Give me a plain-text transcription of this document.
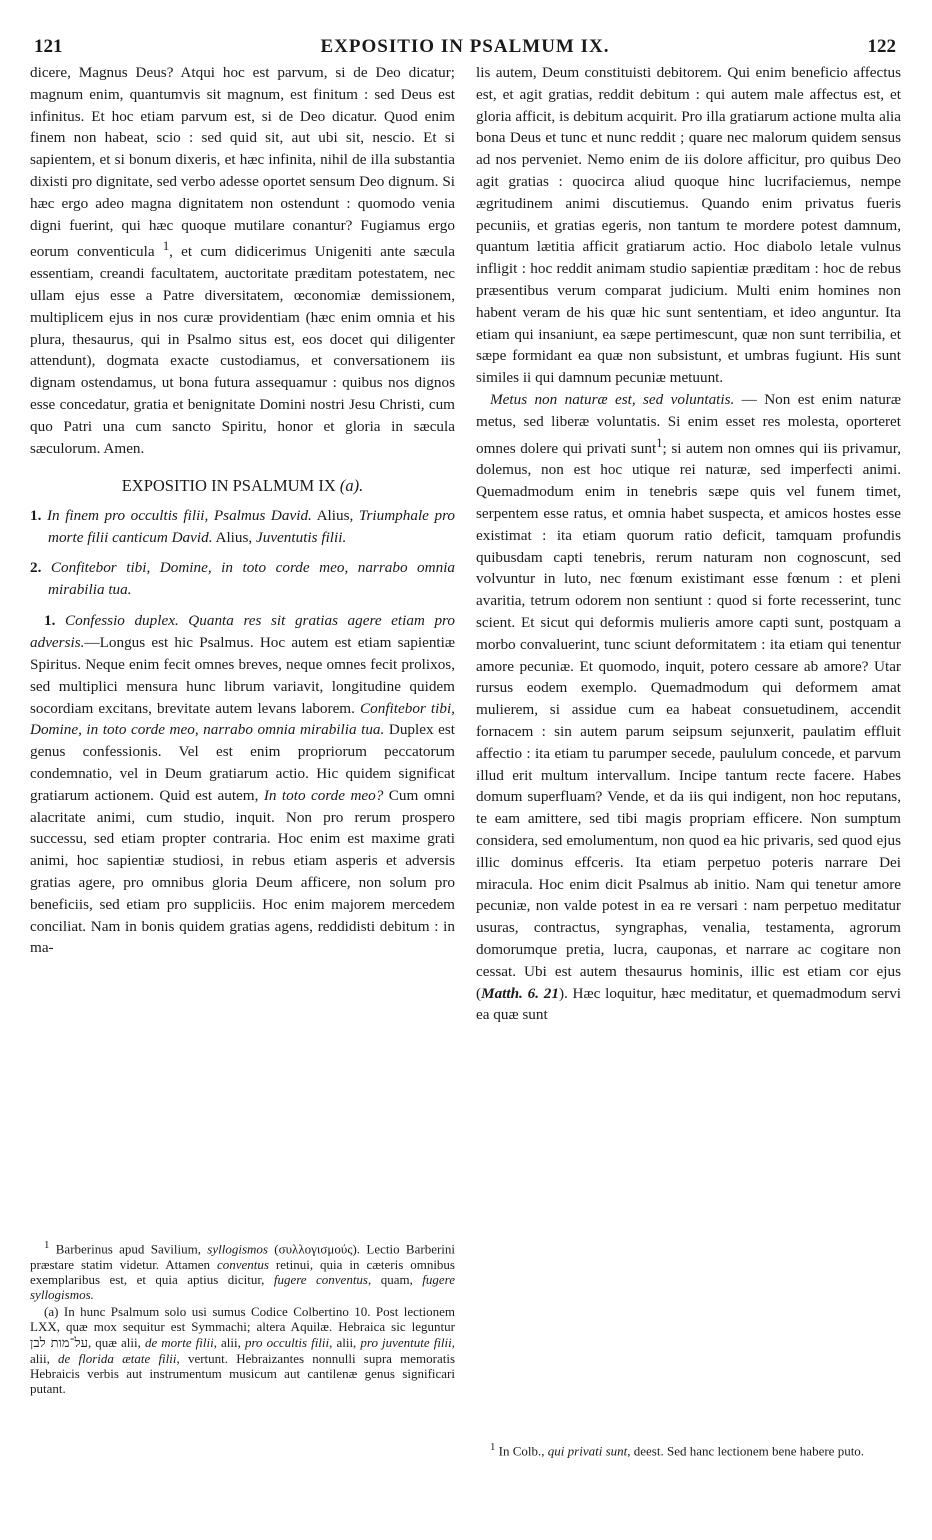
121	EXPOSITIO IN PSALMUM IX.	122

dicere, Magnus Deus? Atqui hoc est parvum, si de Deo dicatur; magnum enim, quantumvis sit magnum, est finitum : sed Deus est infinitus. Et hoc etiam parvum est, si de Deo dicatur. Quod enim finem non habeat, scio : sed quid sit, aut ubi sit, nescio. Et si sapientem, et si bonum dixeris, et hæc infinita, nihil de illa substantia dixisti pro dignitate, sed verbo adesse oportet sensum Deo dignum. Si hæc ergo adeo magna dignitatem non ostendunt : quomodo venia digni fuerint, qui hæc quoque mutilare conantur? Fugiamus ergo eorum conventicula $^1$, et cum didicerimus Unigeniti ante sæcula essentiam, creandi facultatem, auctoritate præditam potestatem, nec ullam ejus esse a Patre diversitatem, œconomiæ demissionem, multiplicem ejus in nos curæ providentiam (hæc enim omnia et his plura, thesaurus, qui in Psalmo situs est, eos docet qui diligenter attendunt), dogmata exacte custodiamus, et conversationem iis dignam ostendamus, ut bona futura assequamur : quibus nos dignos esse concedatur, gratia et benignitate Domini nostri Jesu Christi, cum quo Patri una cum sancto Spiritu, honor et gloria in sæcula sæculorum. Amen.

EXPOSITIO IN PSALMUM IX (a).

1. In finem pro occultis filii, Psalmus David. Alius, Triumphale pro morte filii canticum David. Alius, Juventutis filii.

2. Confitebor tibi, Domine, in toto corde meo, narrabo omnia mirabilia tua.

1. Confessio duplex. Quanta res sit gratias agere etiam pro adversis.—Longus est hic Psalmus. Hoc autem est etiam sapientiæ Spiritus. Neque enim fecit omnes breves, neque omnes fecit prolixos, sed multiplici mensura hunc librum variavit, longitudine quidem socordiam excitans, brevitate autem levans laborem. Confitebor tibi, Domine, in toto corde meo, narrabo omnia mirabilia tua. Duplex est genus confessionis. Vel est enim propriorum peccatorum condemnatio, vel in Deum gratiarum actio. Hic quidem significat gratiarum actionem. Quid est autem, In toto corde meo? Cum omni alacritate animi, cum studio, inquit. Non pro rerum prospero successu, sed etiam propter contraria. Hoc enim est maxime grati animi, hoc sapientiæ studiosi, in rebus etiam asperis et adversis gratias agere, pro omnibus gloria Deum afficere, non solum pro beneficiis, sed etiam pro suppliciis. Hoc enim majorem mercedem conciliat. Nam in bonis quidem gratias agens, reddidisti debitum : in ma-

$^1$ Barberinus apud Savilium, syllogismos (συλλογισμούς). Lectio Barberini præstare statim videtur. Attamen conventus retinui, quia in cæteris omnibus exemplaribus est, et quia aptius dicitur, fugere conventus, quam, fugere syllogismos.

(a) In hunc Psalmum solo usi sumus Codice Colbertino 10. Post lectionem LXX, quæ mox sequitur est Symmachi; altera Aquilæ. Hebraica sic leguntur על־מות לבן, quæ alii, de morte filii, alii, pro occultis filii, alii, pro juventute filii, alii, de florida ætate filii, vertunt. Hebraizantes nonnulli supra memoratis Hebraicis verbis aut instrumentum musicum aut cantilenæ genus significari putant.

lis autem, Deum constituisti debitorem. Qui enim beneficio affectus est, et agit gratias, reddit debitum : qui autem male affectus est, et gloria afficit, is debitum acquirit. Pro illa gratiarum actione multa alia bona Deus et tunc et nunc reddit ; quare nec malorum quidem sensus ad nos perveniet. Nemo enim de iis dolore afficitur, pro quibus Deo agit gratias : quocirca aliud quoque hinc lucrifaciemus, nempe ægritudinem animi discutiemus. Quando enim privatus fueris pecuniis, et gratias egeris, non tantum te mordere potest damnum, quantum lætitia afficit gratiarum actio. Hoc diabolo letale vulnus infligit : hoc reddit animam studio sapientiæ præditam : hoc de rebus præsentibus verum comparat judicium. Multi enim homines non habent veram de his quæ hic sunt sententiam, et ideo anguntur. Ita etiam qui insaniunt, ea sæpe pertimescunt, quæ non sunt terribilia, et sæpe formidant ea quæ non subsistunt, et umbras fugiunt. His sunt similes ii qui damnum pecuniæ metuunt.

Metus non naturæ est, sed voluntatis. — Non est enim naturæ metus, sed liberæ voluntatis. Si enim esset res molesta, oporteret omnes dolere qui privati sunt$^1$; si autem non omnes qui iis privamur, dolemus, non est hoc utique rei naturæ, sed imperfecti animi. Quemadmodum enim in tenebris sæpe quis vel funem timet, serpentem esse ratus, et omnia habet suspecta, et amicos hostes esse existimat : ita etiam quorum ratio deficit, tamquam profundis quibusdam capti tenebris, rerum naturam non cognoscunt, sed volvuntur in luto, nec fœnum existimant esse fœnum : et pleni avaritia, tetrum odorem non sentiunt : quod si forte recesserint, tunc scient. Et sicut qui deformis mulieris amore capti sunt, postquam a morbo convaluerint, tunc sciunt deformitatem : ita etiam qui tenentur amore pecuniæ. Et quomodo, inquit, potero cessare ab amore? Utar rursus eodem exemplo. Quemadmodum qui deformem amat mulierem, si assidue cum ea habeat consuetudinem, accendit fornacem : sin autem parum seipsum sejunxerit, paulatim effluit affectio : ita etiam tu parumper secede, paululum concede, et parvum illud erit multum intervallum. Incipe tantum recte facere. Habes domum superfluam? Vende, et da iis qui indigent, non hoc reputans, te eam amittere, sed tibi magis propriam efficere. Non sumptum considera, sed emolumentum, non quod ea hic privaris, sed quod ejus illic dominus effceris. Ita etiam perpetuo poteris narrare Dei miracula. Hoc enim dicit Psalmus ab initio. Nam qui tenetur amore pecuniæ, non valde potest in ea re versari : nam perpetuo meditatur usuras, contractus, syngraphas, venalia, testamenta, agrorum domorumque pretia, lucra, cauponas, et narrare ac cogitare non cessat. Ubi est autem thesaurus hominis, illic est etiam cor ejus (Matth. 6. 21). Hæc loquitur, hæc meditatur, et quemadmodum servi ea quæ sunt

$^1$ In Colb., qui privati sunt, deest. Sed hanc lectionem bene habere puto.
